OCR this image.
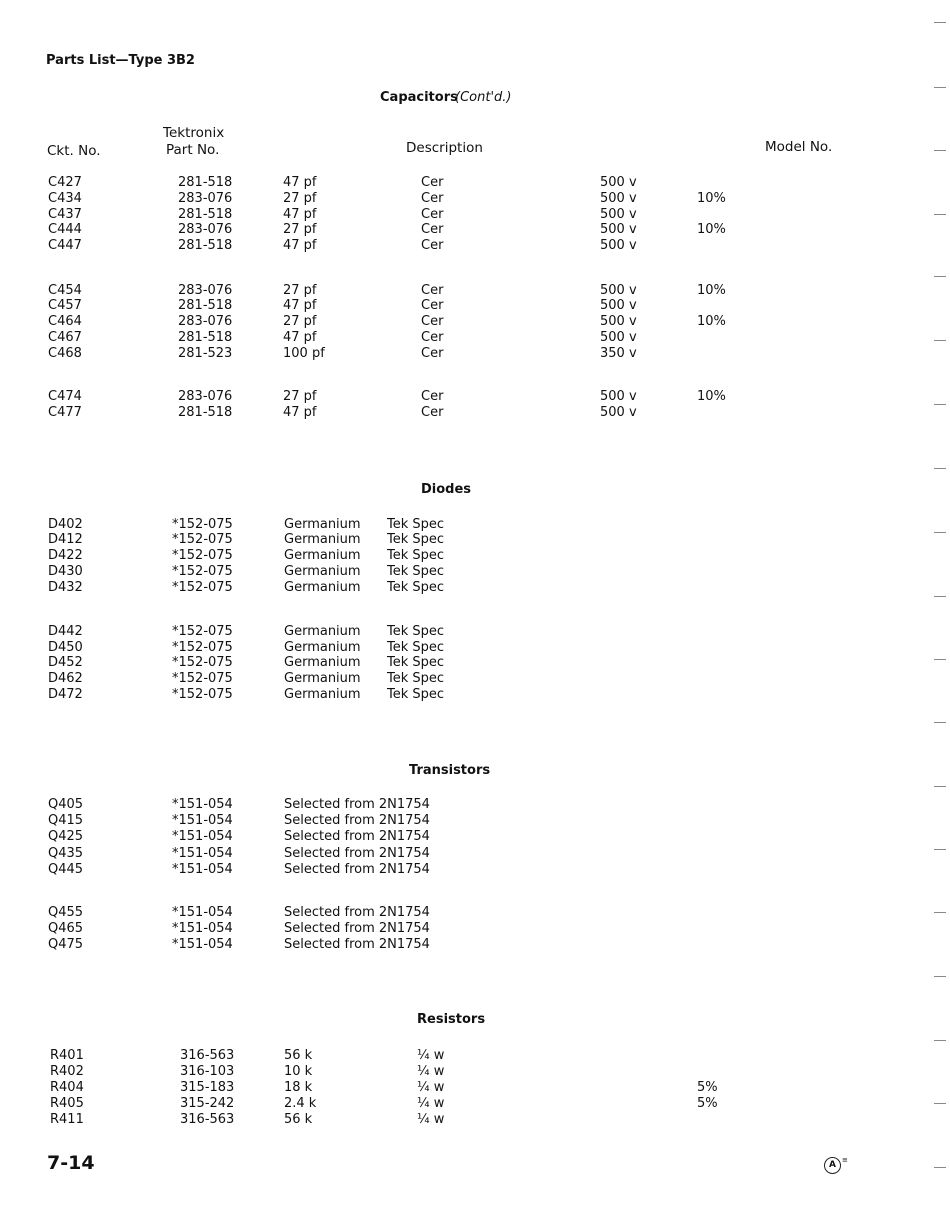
Parts List—Type 3B2
Ckt. No.
Tektronix
Part No.	Description	Model No.
Capacitors
(Cont'd.)
C427	281-518	47 pf	Cer	500 v
C434	283-076	27 pf	Cer	500 v	10%
C437	281-518	47 pf	Cer	500 v
C444	283-076	27 pf	Cer	500 v	10%
C447	281-518	47 pf	Cer	500 v
C454	283-076	27 pf	Cer	500 v	10%
C457	281-518	47 pf	Cer	500 v
C464	283-076	27 pf	Cer	500 v	10%
C467	281-518	47 pf	Cer	500 v
C468	281-523	100 pf	Cer	350 v
C474	283-076	27 pf	Cer	500 v	10%
C477	281-518	47 pf	Cer	500 v
Diodes
D402	*152-075	Germanium Tek Spec
D412	*152-075	Germanium Tek Spec
D422	*152-075	Germanium Tek Spec
D430	*152-075	Germanium Tek Spec
D432	*152-075	Germanium Tek Spec
D442	*152-075	Germanium Tek Spec
D450	*152-075	Germanium Tek Spec
D452	*152-075	Germanium Tek Spec
D462	*152-075	Germanium Tek Spec
D472	*152-075	Germanium Tek Spec
Transistors
Q405	*151-054	Selected from 2N1754
Q415	*151-054	Selected from 2N1754
Q425	*151-054	Selected from 2N1754
Q435	*151-054	Selected from 2N1754
Q445	*151-054	Selected from 2N1754
Q455	*151-054	Selected from 2N1754
Q465	*151-054	Selected from 2N1754
Q475	*151-054	Selected from 2N1754
Resistors
R401	316-563	56 k	¼ w
R402	316-103	10 k	¼ w
R404	315-183	18 k	¼ w	5%
R405	315-242	2.4 k	¼ w	5%
R411	316-563	56 k	¼ w
7-14	A ≡
